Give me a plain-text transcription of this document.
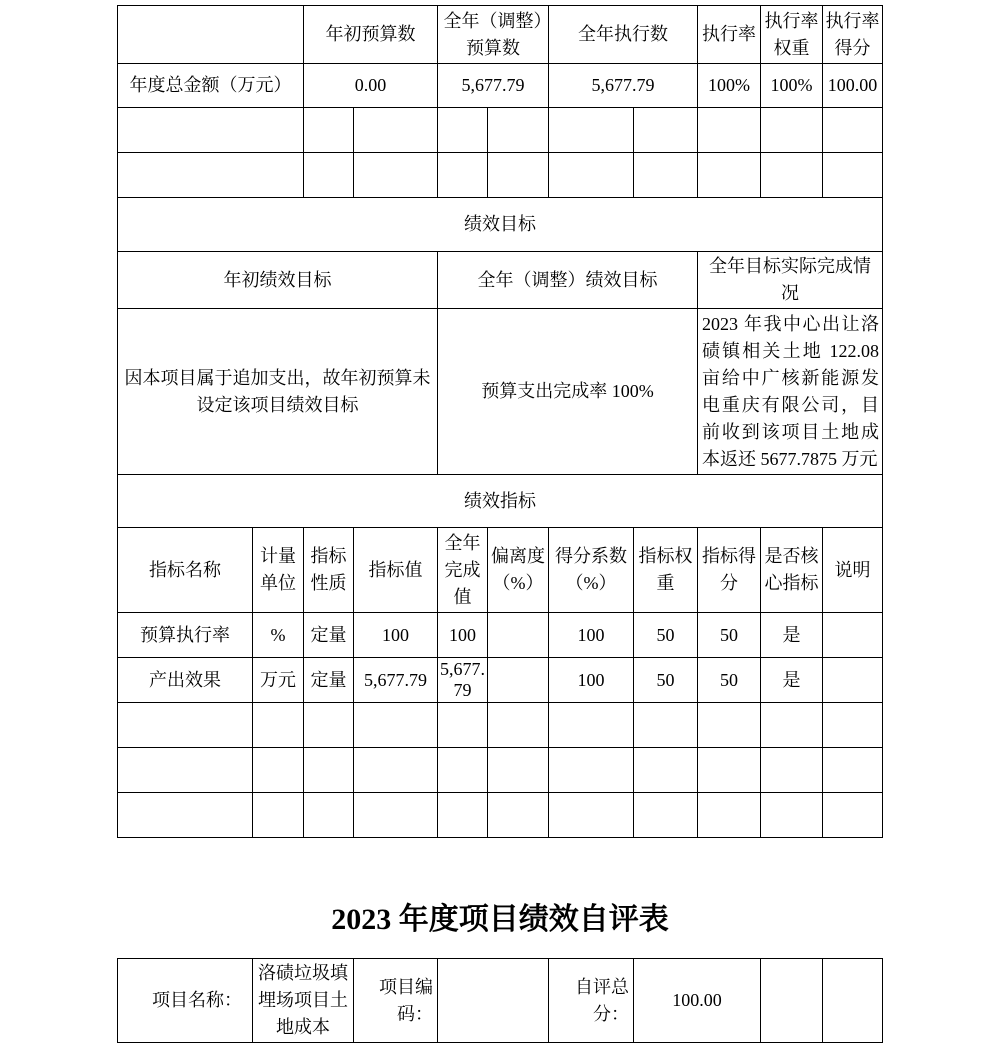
		年初预算数		全年（调整）预算数		全年执行数		执行率	执行率权重	执行率得分
年度总金额（万元）		0.00		5,677.79		5,677.79		100%	100%	100.00

绩效目标										
年初绩效目标				全年（调整）绩效目标				全年目标实际完成情况		
因本项目属于追加支出，故年初预算未设定该项目绩效目标				预算支出完成率 100%				2023 年我中心出让洛碛镇相关土地 122.08 亩给中广核新能源发电重庆有限公司，目前收到该项目土地成本返还 5677.7875 万元		
绩效指标										
指标名称	计量单位	指标性质	指标值	全年完成值	偏离度（%）	得分系数（%）	指标权重	指标得分	是否核心指标	说明
预算执行率	%	定量	100	100		100	50	50	是	
产出效果	万元	定量	5,677.79	5,677.79		100	50	50	是	

2023 年度项目绩效自评表
项目名称：	洛碛垃圾填埋场项目土地成本	项目编码：		自评总分：	100.00		
